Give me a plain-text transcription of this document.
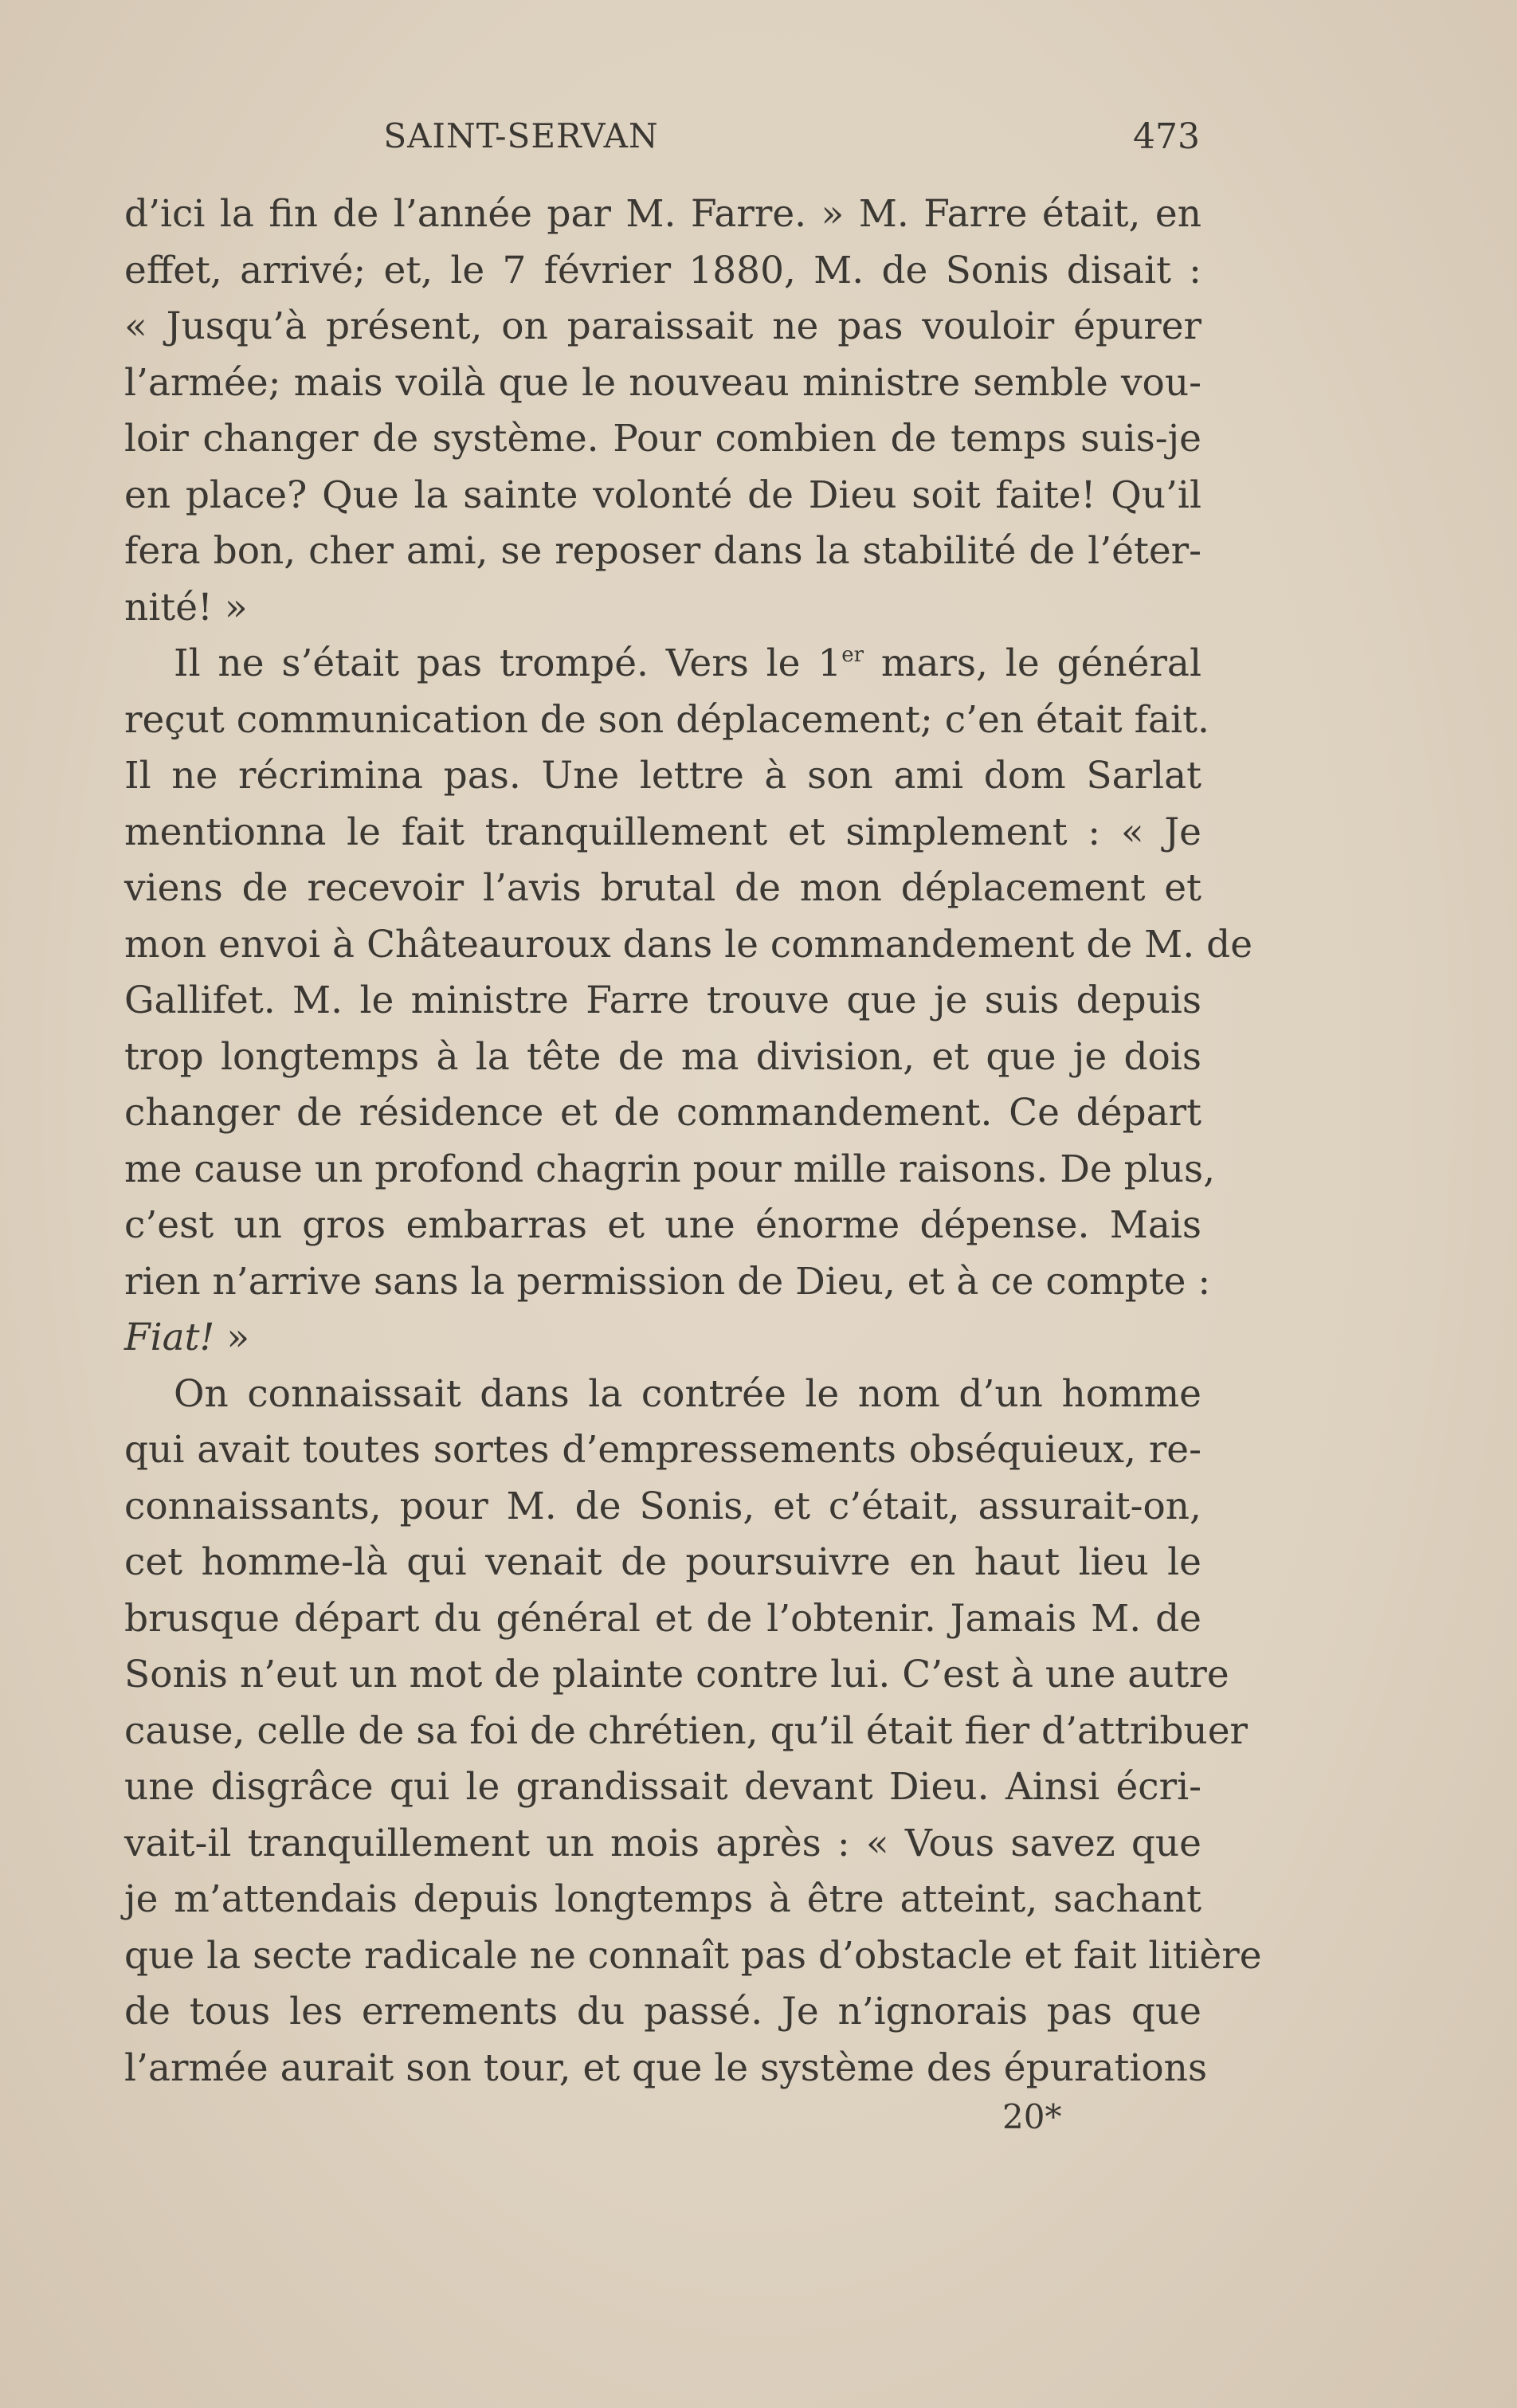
SAINT-SERVAN	473
d’ici la fin de l’année par M. Farre. » M. Farre était, en
effet, arrivé; et, le 7 février 1880, M. de Sonis disait :
« Jusqu’à présent, on paraissait ne pas vouloir épurer
l’armée; mais voilà que le nouveau ministre semble vou-
loir changer de système. Pour combien de temps suis-je
en place? Que la sainte volonté de Dieu soit faite! Qu’il
fera bon, cher ami, se reposer dans la stabilité de l’éter-
nité! »
Il ne s’était pas trompé. Vers le 1er mars, le général
reçut communication de son déplacement; c’en était fait.
Il ne récrimina pas. Une lettre à son ami dom Sarlat
mentionna le fait tranquillement et simplement : « Je
viens de recevoir l’avis brutal de mon déplacement et
mon envoi à Châteauroux dans le commandement de M. de
Gallifet. M. le ministre Farre trouve que je suis depuis
trop longtemps à la tête de ma division, et que je dois
changer de résidence et de commandement. Ce départ
me cause un profond chagrin pour mille raisons. De plus,
c’est un gros embarras et une énorme dépense. Mais
rien n’arrive sans la permission de Dieu, et à ce compte :
Fiat! »
On connaissait dans la contrée le nom d’un homme
qui avait toutes sortes d’empressements obséquieux, re-
connaissants, pour M. de Sonis, et c’était, assurait-on,
cet homme-là qui venait de poursuivre en haut lieu le
brusque départ du général et de l’obtenir. Jamais M. de
Sonis n’eut un mot de plainte contre lui. C’est à une autre
cause, celle de sa foi de chrétien, qu’il était fier d’attribuer
une disgrâce qui le grandissait devant Dieu. Ainsi écri-
vait-il tranquillement un mois après : « Vous savez que
je m’attendais depuis longtemps à être atteint, sachant
que la secte radicale ne connaît pas d’obstacle et fait litière
de tous les errements du passé. Je n’ignorais pas que
l’armée aurait son tour, et que le système des épurations
20*
